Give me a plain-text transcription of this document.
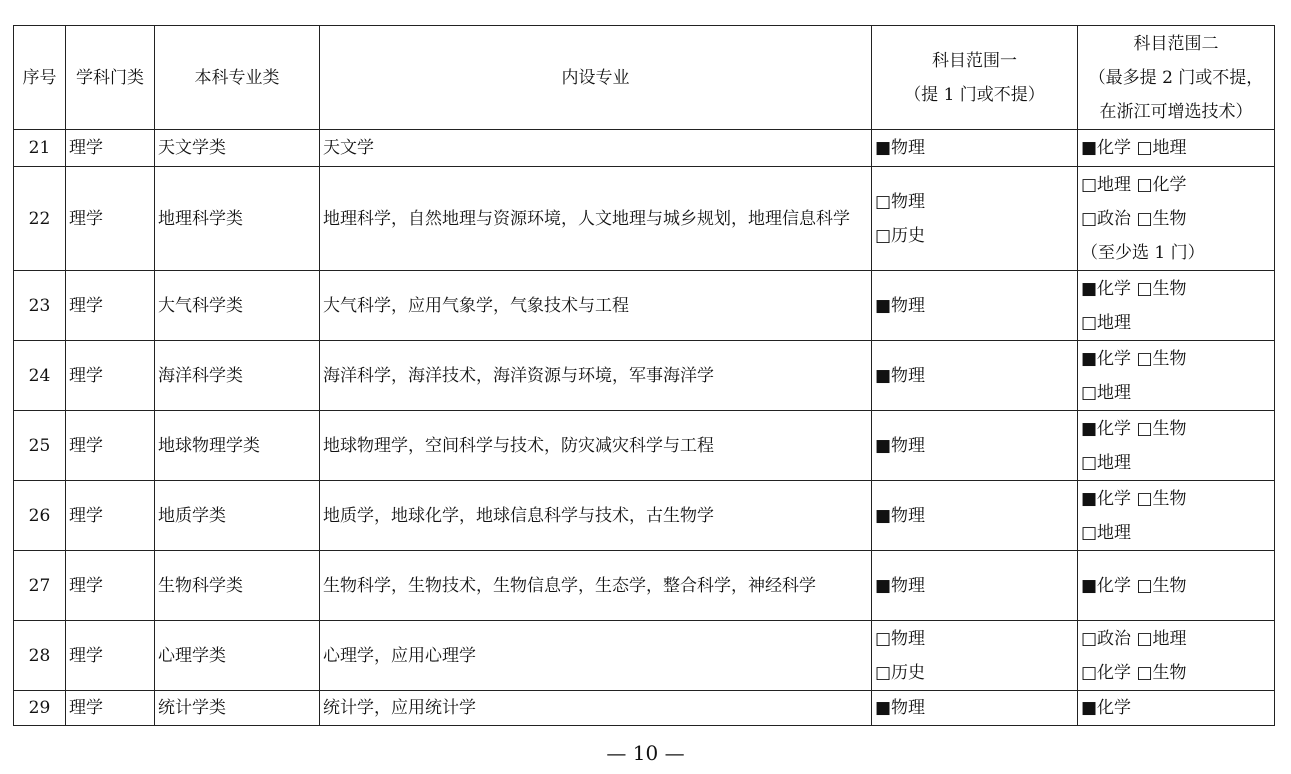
序号	学科门类	本科专业类	内设专业	科目范围一
（提 1 门或不提）	科目范围二
（最多提 2 门或不提，
在浙江可增选技术）

21	理学	天文学类	天文学	■物理	■化学 □地理

22	理学	地理科学类	地理科学，自然地理与资源环境，人文地理与城乡规划，地理信息科学	□物理
□历史	□地理 □化学
□政治 □生物
（至少选 1 门）

23	理学	大气科学类	大气科学，应用气象学，气象技术与工程	■物理	■化学 □生物
□地理

24	理学	海洋科学类	海洋科学，海洋技术，海洋资源与环境，军事海洋学	■物理	■化学 □生物
□地理

25	理学	地球物理学类	地球物理学，空间科学与技术，防灾减灾科学与工程	■物理	■化学 □生物
□地理

26	理学	地质学类	地质学，地球化学，地球信息科学与技术，古生物学	■物理	■化学 □生物
□地理

27	理学	生物科学类	生物科学，生物技术，生物信息学，生态学，整合科学，神经科学	■物理	■化学 □生物

28	理学	心理学类	心理学，应用心理学	□物理
□历史	□政治 □地理
□化学 □生物

29	理学	统计学类	统计学，应用统计学	■物理	■化学
— 10 —
